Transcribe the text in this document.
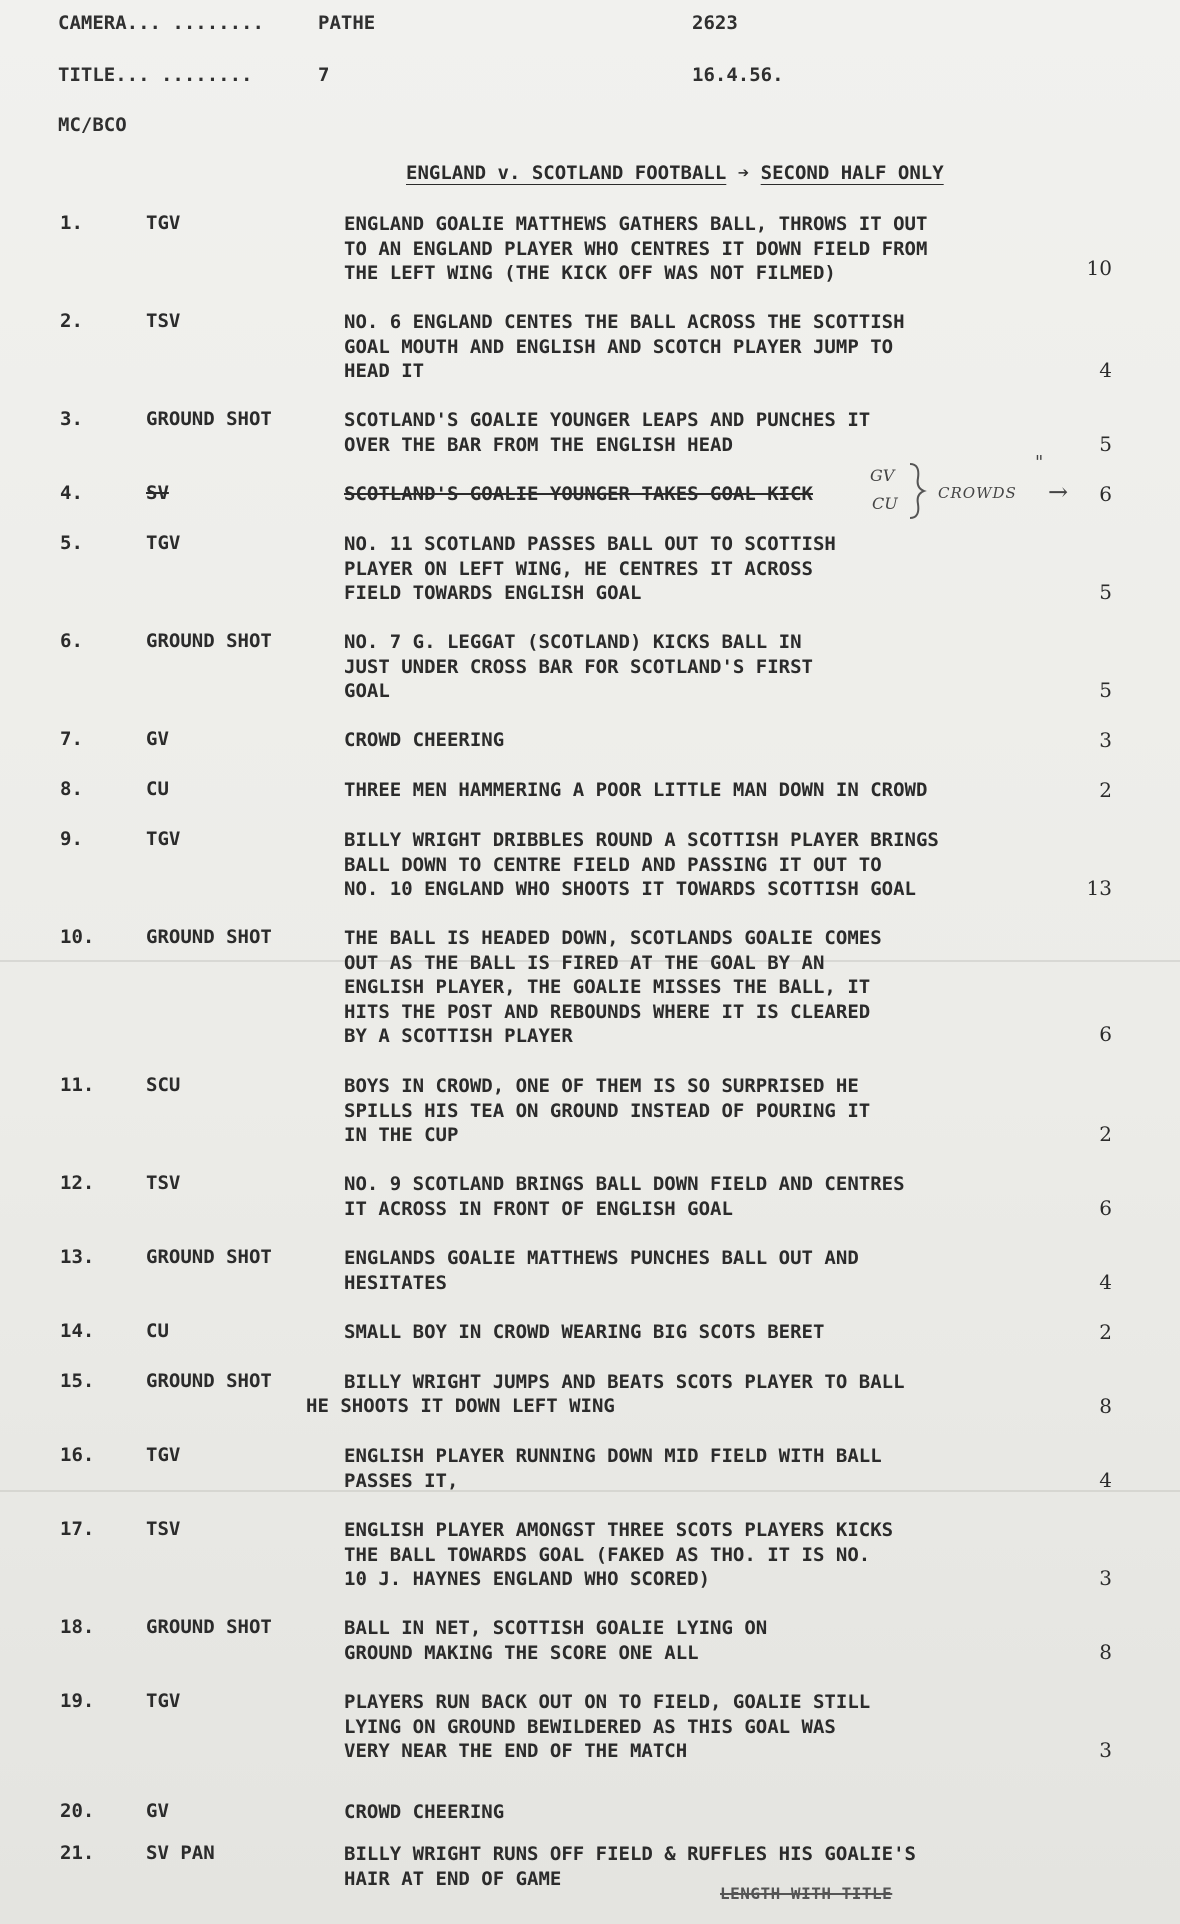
CAMERA... ........	PATHE	2623
TITLE... ........	7	16.4.56.
MC/BCO
ENGLAND v. SCOTLAND FOOTBALL ➔ SECOND HALF ONLY
1.	TGV	ENGLAND GOALIE MATTHEWS GATHERS BALL, THROWS IT OUT
TO AN ENGLAND PLAYER WHO CENTRES IT DOWN FIELD FROM
THE LEFT WING (THE KICK OFF WAS NOT FILMED)	10
2.	TSV	NO. 6 ENGLAND CENTES THE BALL ACROSS THE SCOTTISH
GOAL MOUTH AND ENGLISH AND SCOTCH PLAYER JUMP TO
HEAD IT	4
3.	GROUND SHOT	SCOTLAND'S GOALIE YOUNGER LEAPS AND PUNCHES IT
OVER THE BAR FROM THE ENGLISH HEAD	5
4.	SV	SCOTLAND'S GOALIE YOUNGER TAKES GOAL KICK	6
5.	TGV	NO. 11 SCOTLAND PASSES BALL OUT TO SCOTTISH
PLAYER ON LEFT WING, HE CENTRES IT ACROSS
FIELD TOWARDS ENGLISH GOAL	5
6.	GROUND SHOT	NO. 7 G. LEGGAT (SCOTLAND) KICKS BALL IN
JUST UNDER CROSS BAR FOR SCOTLAND'S FIRST
GOAL	5
7.	GV	CROWD CHEERING	3
8.	CU	THREE MEN HAMMERING A POOR LITTLE MAN DOWN IN CROWD	2
9.	TGV	BILLY WRIGHT DRIBBLES ROUND A SCOTTISH PLAYER BRINGS
BALL DOWN TO CENTRE FIELD AND PASSING IT OUT TO
NO. 10 ENGLAND WHO SHOOTS IT TOWARDS SCOTTISH GOAL	13
10.	GROUND SHOT	THE BALL IS HEADED DOWN, SCOTLANDS GOALIE COMES
OUT AS THE BALL IS FIRED AT THE GOAL BY AN
ENGLISH PLAYER, THE GOALIE MISSES THE BALL, IT
HITS THE POST AND REBOUNDS WHERE IT IS CLEARED
BY A SCOTTISH PLAYER	6
11.	SCU	BOYS IN CROWD, ONE OF THEM IS SO SURPRISED HE
SPILLS HIS TEA ON GROUND INSTEAD OF POURING IT
IN THE CUP	2
12.	TSV	NO. 9 SCOTLAND BRINGS BALL DOWN FIELD AND CENTRES
IT ACROSS IN FRONT OF ENGLISH GOAL	6
13.	GROUND SHOT	ENGLANDS GOALIE MATTHEWS PUNCHES BALL OUT AND
HESITATES	4
14.	CU	SMALL BOY IN CROWD WEARING BIG SCOTS BERET	2
15.	GROUND SHOT	BILLY WRIGHT JUMPS AND BEATS SCOTS PLAYER TO BALL
HE SHOOTS IT DOWN LEFT WING	8
16.	TGV	ENGLISH PLAYER RUNNING DOWN MID FIELD WITH BALL
PASSES IT,	4
17.	TSV	ENGLISH PLAYER AMONGST THREE SCOTS PLAYERS KICKS
THE BALL TOWARDS GOAL (FAKED AS THO. IT IS NO.
10 J. HAYNES ENGLAND WHO SCORED)	3
18.	GROUND SHOT	BALL IN NET, SCOTTISH GOALIE LYING ON
GROUND MAKING THE SCORE ONE ALL	8
19.	TGV	PLAYERS RUN BACK OUT ON TO FIELD, GOALIE STILL
LYING ON GROUND BEWILDERED AS THIS GOAL WAS
VERY NEAR THE END OF THE MATCH	3
20.	GV	CROWD CHEERING
21.	SV PAN	BILLY WRIGHT RUNS OFF FIELD & RUFFLES HIS GOALIE'S
HAIR AT END OF GAME
GV
CU
CROWDS
"
→
LENGTH WITH TITLE
